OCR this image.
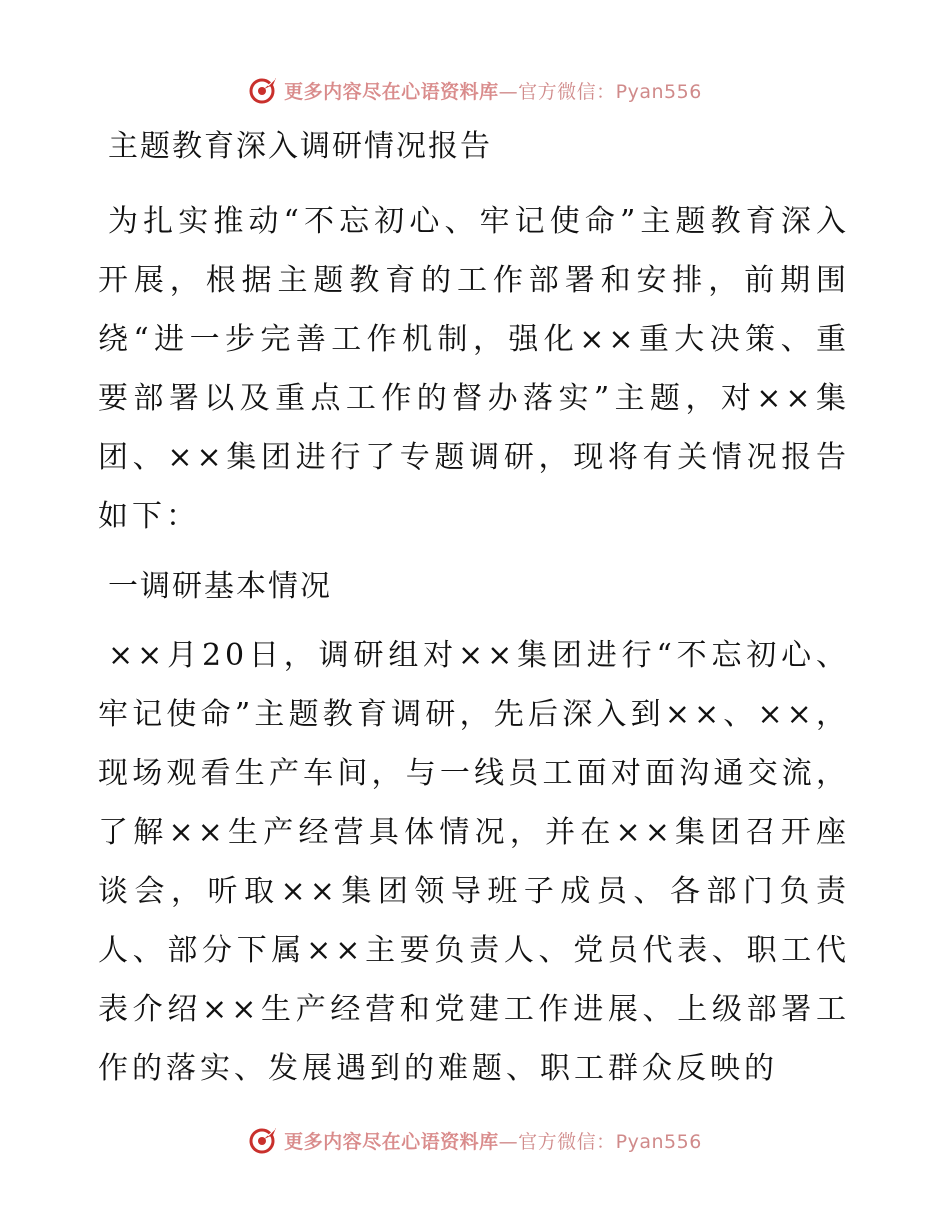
更多内容尽在心语资料库—官方微信：Pyan556
主题教育深入调研情况报告

为扎实推动“不忘初心、牢记使命”主题教育深入开展，根据主题教育的工作部署和安排，前期围绕“进一步完善工作机制，强化××重大决策、重要部署以及重点工作的督办落实”主题，对××集团、××集团进行了专题调研，现将有关情况报告如下：

一调研基本情况

××月20日，调研组对××集团进行“不忘初心、牢记使命”主题教育调研，先后深入到××、××，现场观看生产车间，与一线员工面对面沟通交流，了解××生产经营具体情况，并在××集团召开座谈会，听取××集团领导班子成员、各部门负责人、部分下属××主要负责人、党员代表、职工代表介绍××生产经营和党建工作进展、上级部署工作的落实、发展遇到的难题、职工群众反映的

更多内容尽在心语资料库—官方微信：Pyan556
